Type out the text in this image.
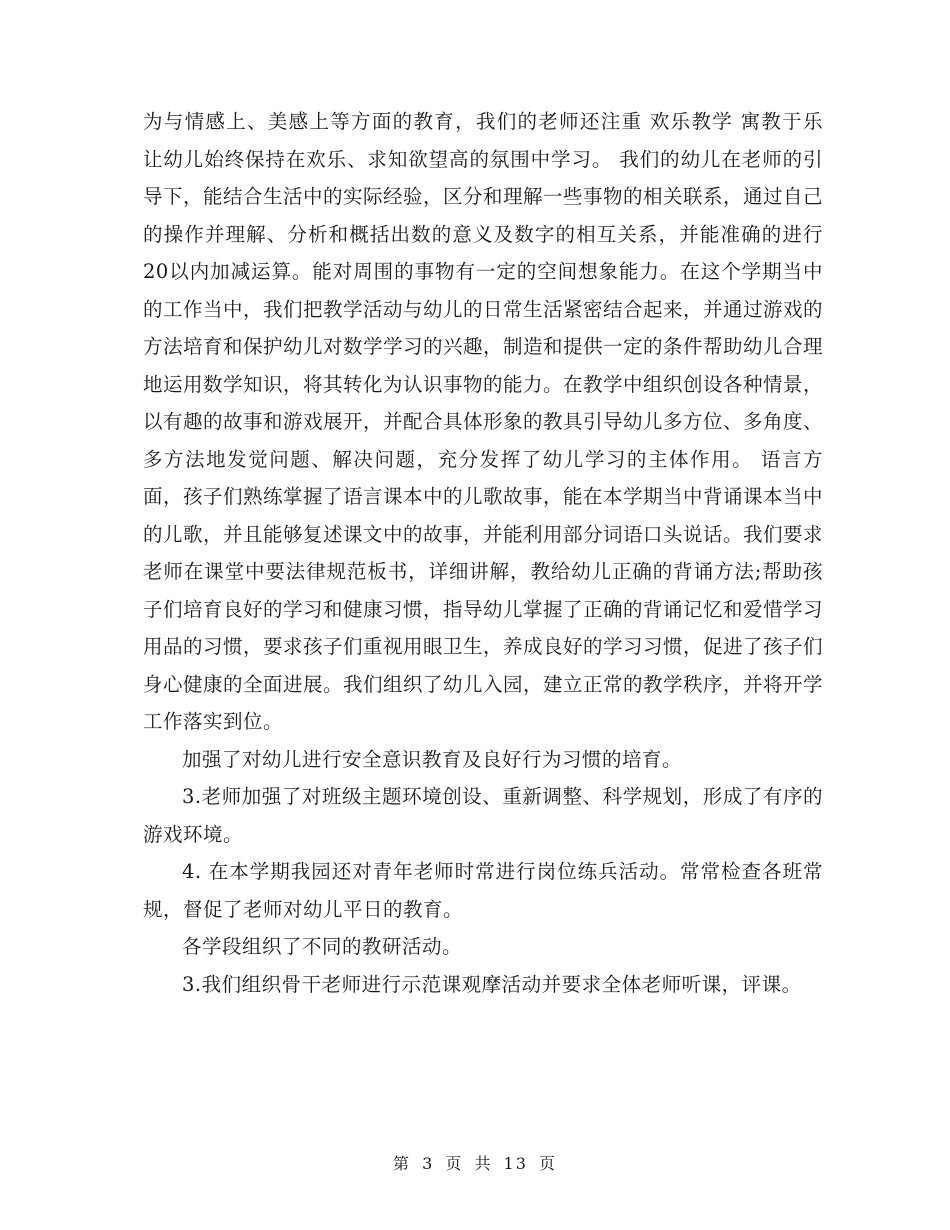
为与情感上、美感上等方面的教育，我们的老师还注重 欢乐教学 寓教于乐 让幼儿始终保持在欢乐、求知欲望高的氛围中学习。 我们的幼儿在老师的引导下，能结合生活中的实际经验，区分和理解一些事物的相关联系，通过自己的操作并理解、分析和概括出数的意义及数字的相互关系，并能准确的进行20以内加减运算。能对周围的事物有一定的空间想象能力。在这个学期当中的工作当中，我们把教学活动与幼儿的日常生活紧密结合起来，并通过游戏的方法培育和保护幼儿对数学学习的兴趣，制造和提供一定的条件帮助幼儿合理地运用数学知识，将其转化为认识事物的能力。在教学中组织创设各种情景，以有趣的故事和游戏展开，并配合具体形象的教具引导幼儿多方位、多角度、多方法地发觉问题、解决问题，充分发挥了幼儿学习的主体作用。 语言方面，孩子们熟练掌握了语言课本中的儿歌故事，能在本学期当中背诵课本当中的儿歌，并且能够复述课文中的故事，并能利用部分词语口头说话。我们要求老师在课堂中要法律规范板书，详细讲解，教给幼儿正确的背诵方法;帮助孩子们培育良好的学习和健康习惯，指导幼儿掌握了正确的背诵记忆和爱惜学习用品的习惯，要求孩子们重视用眼卫生，养成良好的学习习惯，促进了孩子们身心健康的全面进展。我们组织了幼儿入园，建立正常的教学秩序，并将开学工作落实到位。

加强了对幼儿进行安全意识教育及良好行为习惯的培育。

3.老师加强了对班级主题环境创设、重新调整、科学规划，形成了有序的游戏环境。

4. 在本学期我园还对青年老师时常进行岗位练兵活动。常常检查各班常规，督促了老师对幼儿平日的教育。

各学段组织了不同的教研活动。

3.我们组织骨干老师进行示范课观摩活动并要求全体老师听课，评课。

第 3 页 共 13 页
